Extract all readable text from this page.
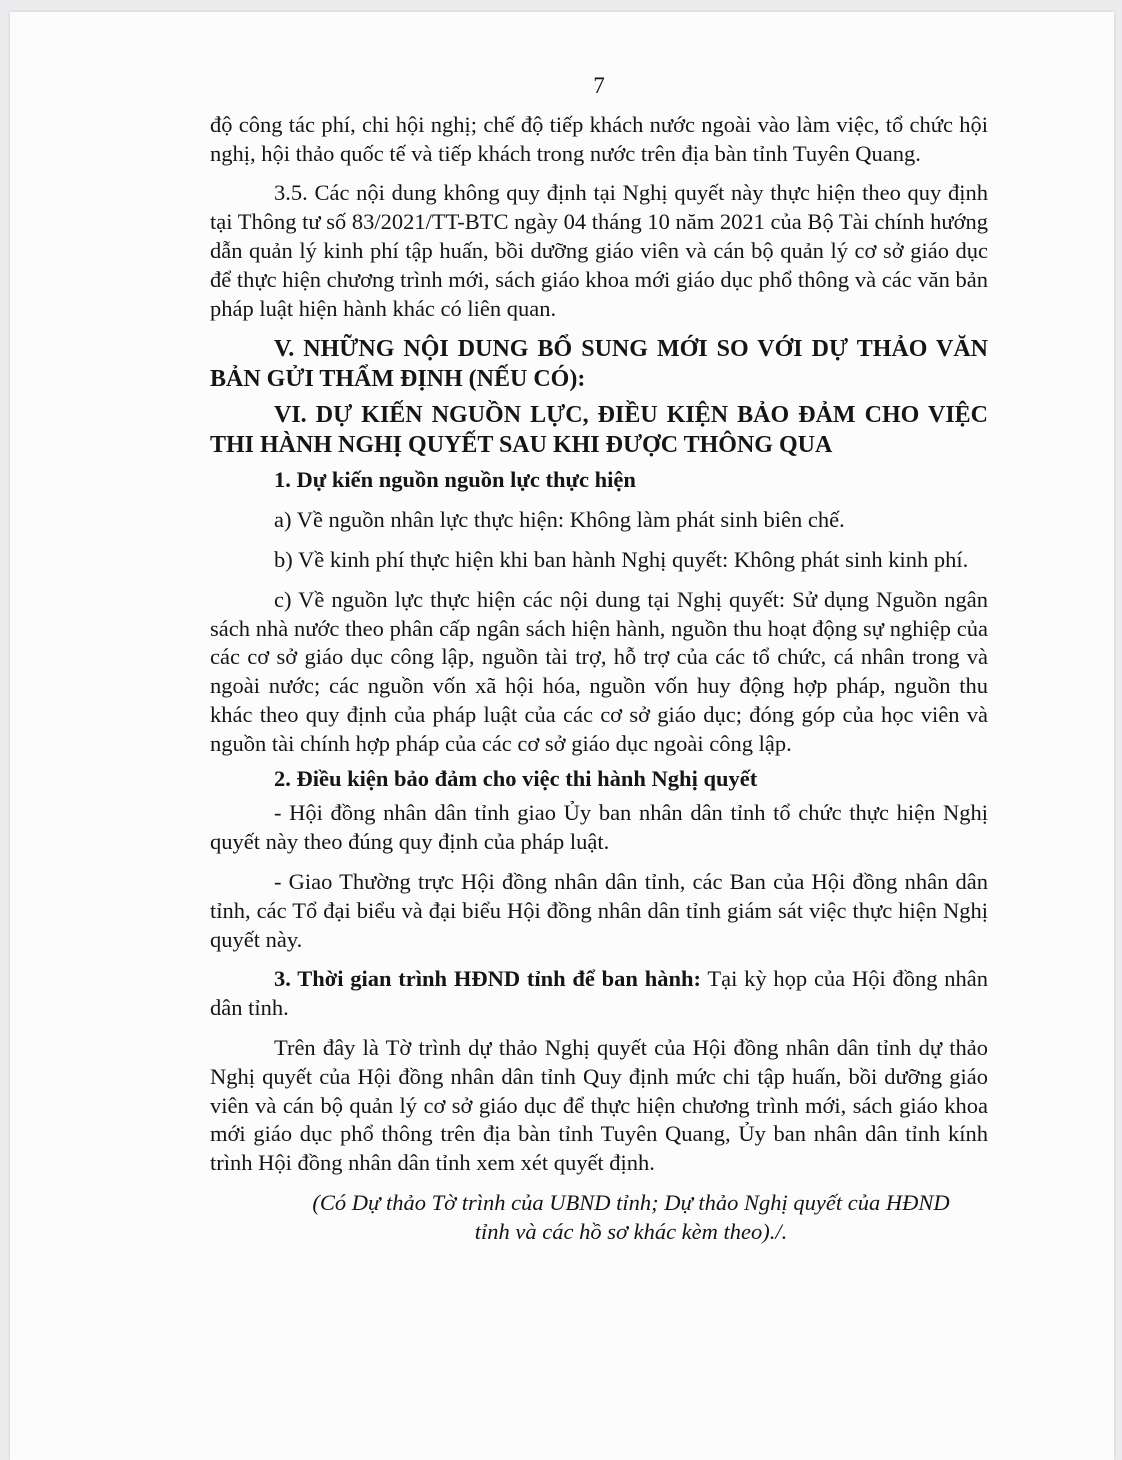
7

độ công tác phí, chi hội nghị; chế độ tiếp khách nước ngoài vào làm việc, tổ chức hội nghị, hội thảo quốc tế và tiếp khách trong nước trên địa bàn tỉnh Tuyên Quang.

3.5. Các nội dung không quy định tại Nghị quyết này thực hiện theo quy định tại Thông tư số 83/2021/TT-BTC ngày 04 tháng 10 năm 2021 của Bộ Tài chính hướng dẫn quản lý kinh phí tập huấn, bồi dưỡng giáo viên và cán bộ quản lý cơ sở giáo dục để thực hiện chương trình mới, sách giáo khoa mới giáo dục phổ thông và các văn bản pháp luật hiện hành khác có liên quan.

V. NHỮNG NỘI DUNG BỔ SUNG MỚI SO VỚI DỰ THẢO VĂN BẢN GỬI THẨM ĐỊNH (NẾU CÓ):

VI. DỰ KIẾN NGUỒN LỰC, ĐIỀU KIỆN BẢO ĐẢM CHO VIỆC THI HÀNH NGHỊ QUYẾT SAU KHI ĐƯỢC THÔNG QUA

1. Dự kiến nguồn nguồn lực thực hiện

a) Về nguồn nhân lực thực hiện: Không làm phát sinh biên chế.

b) Về kinh phí thực hiện khi ban hành Nghị quyết: Không phát sinh kinh phí.

c) Về nguồn lực thực hiện các nội dung tại Nghị quyết: Sử dụng Nguồn ngân sách nhà nước theo phân cấp ngân sách hiện hành, nguồn thu hoạt động sự nghiệp của các cơ sở giáo dục công lập, nguồn tài trợ, hỗ trợ của các tổ chức, cá nhân trong và ngoài nước; các nguồn vốn xã hội hóa, nguồn vốn huy động hợp pháp, nguồn thu khác theo quy định của pháp luật của các cơ sở giáo dục; đóng góp của học viên và nguồn tài chính hợp pháp của các cơ sở giáo dục ngoài công lập.

2. Điều kiện bảo đảm cho việc thi hành Nghị quyết

- Hội đồng nhân dân tỉnh giao Ủy ban nhân dân tỉnh tổ chức thực hiện Nghị quyết này theo đúng quy định của pháp luật.

- Giao Thường trực Hội đồng nhân dân tỉnh, các Ban của Hội đồng nhân dân tỉnh, các Tổ đại biểu và đại biểu Hội đồng nhân dân tỉnh giám sát việc thực hiện Nghị quyết này.

3. Thời gian trình HĐND tỉnh để ban hành: Tại kỳ họp của Hội đồng nhân dân tỉnh.

Trên đây là Tờ trình dự thảo Nghị quyết của Hội đồng nhân dân tỉnh dự thảo Nghị quyết của Hội đồng nhân dân tỉnh Quy định mức chi tập huấn, bồi dưỡng giáo viên và cán bộ quản lý cơ sở giáo dục để thực hiện chương trình mới, sách giáo khoa mới giáo dục phổ thông trên địa bàn tỉnh Tuyên Quang, Ủy ban nhân dân tỉnh kính trình Hội đồng nhân dân tỉnh xem xét quyết định.

(Có Dự thảo Tờ trình của UBND tỉnh; Dự thảo Nghị quyết của HĐND
tỉnh và các hồ sơ khác kèm theo)./.
